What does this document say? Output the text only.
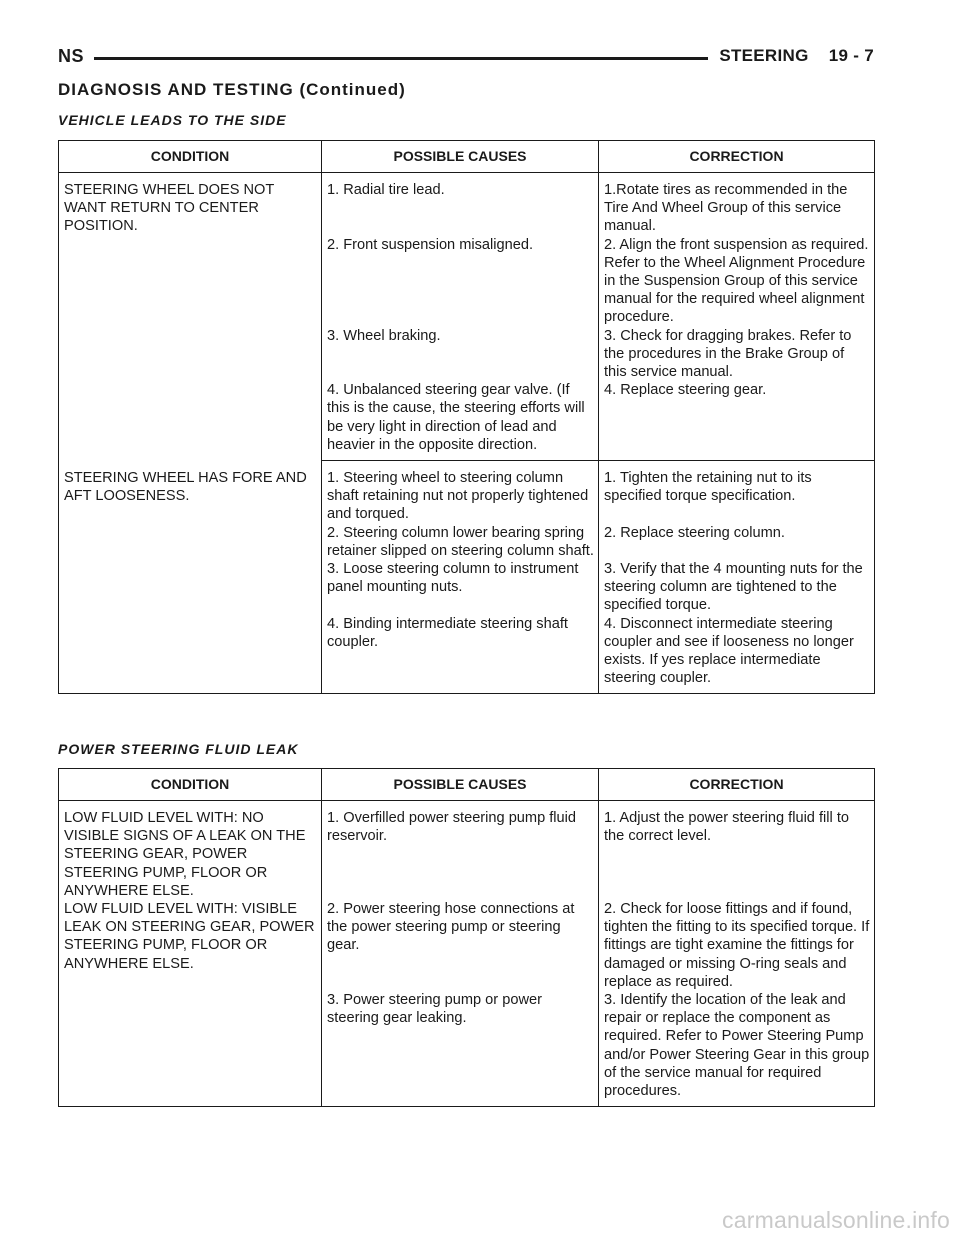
NS	STEERING    19 - 7
DIAGNOSIS AND TESTING (Continued)
VEHICLE LEADS TO THE SIDE
CONDITION	POSSIBLE CAUSES	CORRECTION
STEERING WHEEL DOES NOT WANT RETURN TO CENTER POSITION.	1. Radial tire lead.	1.Rotate tires as recommended in the Tire And Wheel Group of this service manual.
	2. Front suspension misaligned.	2. Align the front suspension as required. Refer to the Wheel Alignment Procedure in the Suspension Group of this service manual for the required wheel alignment procedure.
	3. Wheel braking.	3. Check for dragging brakes. Refer to the procedures in the Brake Group of this service manual.
	4. Unbalanced steering gear valve. (If this is the cause, the steering efforts will be very light in direction of lead and heavier in the opposite direction.	4. Replace steering gear.
STEERING WHEEL HAS FORE AND AFT LOOSENESS.	1. Steering wheel to steering column shaft retaining nut not properly tightened and torqued.	1. Tighten the retaining nut to its specified torque specification.
	2. Steering column lower bearing spring retainer slipped on steering column shaft.	2. Replace steering column.
	3. Loose steering column to instrument panel mounting nuts.	3. Verify that the 4 mounting nuts for the steering column are tightened to the specified torque.
	4. Binding intermediate steering shaft coupler.	4. Disconnect intermediate steering coupler and see if looseness no longer exists. If yes replace intermediate steering coupler.
POWER STEERING FLUID LEAK
CONDITION	POSSIBLE CAUSES	CORRECTION
LOW FLUID LEVEL WITH: NO VISIBLE SIGNS OF A LEAK ON THE STEERING GEAR, POWER STEERING PUMP, FLOOR OR ANYWHERE ELSE.	1. Overfilled power steering pump fluid reservoir.	1. Adjust the power steering fluid fill to the correct level.
LOW FLUID LEVEL WITH: VISIBLE LEAK ON STEERING GEAR, POWER STEERING PUMP, FLOOR OR ANYWHERE ELSE.	2. Power steering hose connections at the power steering pump or steering gear.	2. Check for loose fittings and if found, tighten the fitting to its specified torque. If fittings are tight examine the fittings for damaged or missing O-ring seals and replace as required.
	3. Power steering pump or power steering gear leaking.	3. Identify the location of the leak and repair or replace the component as required. Refer to Power Steering Pump and/or Power Steering Gear in this group of the service manual for required procedures.
carmanualsonline.info
